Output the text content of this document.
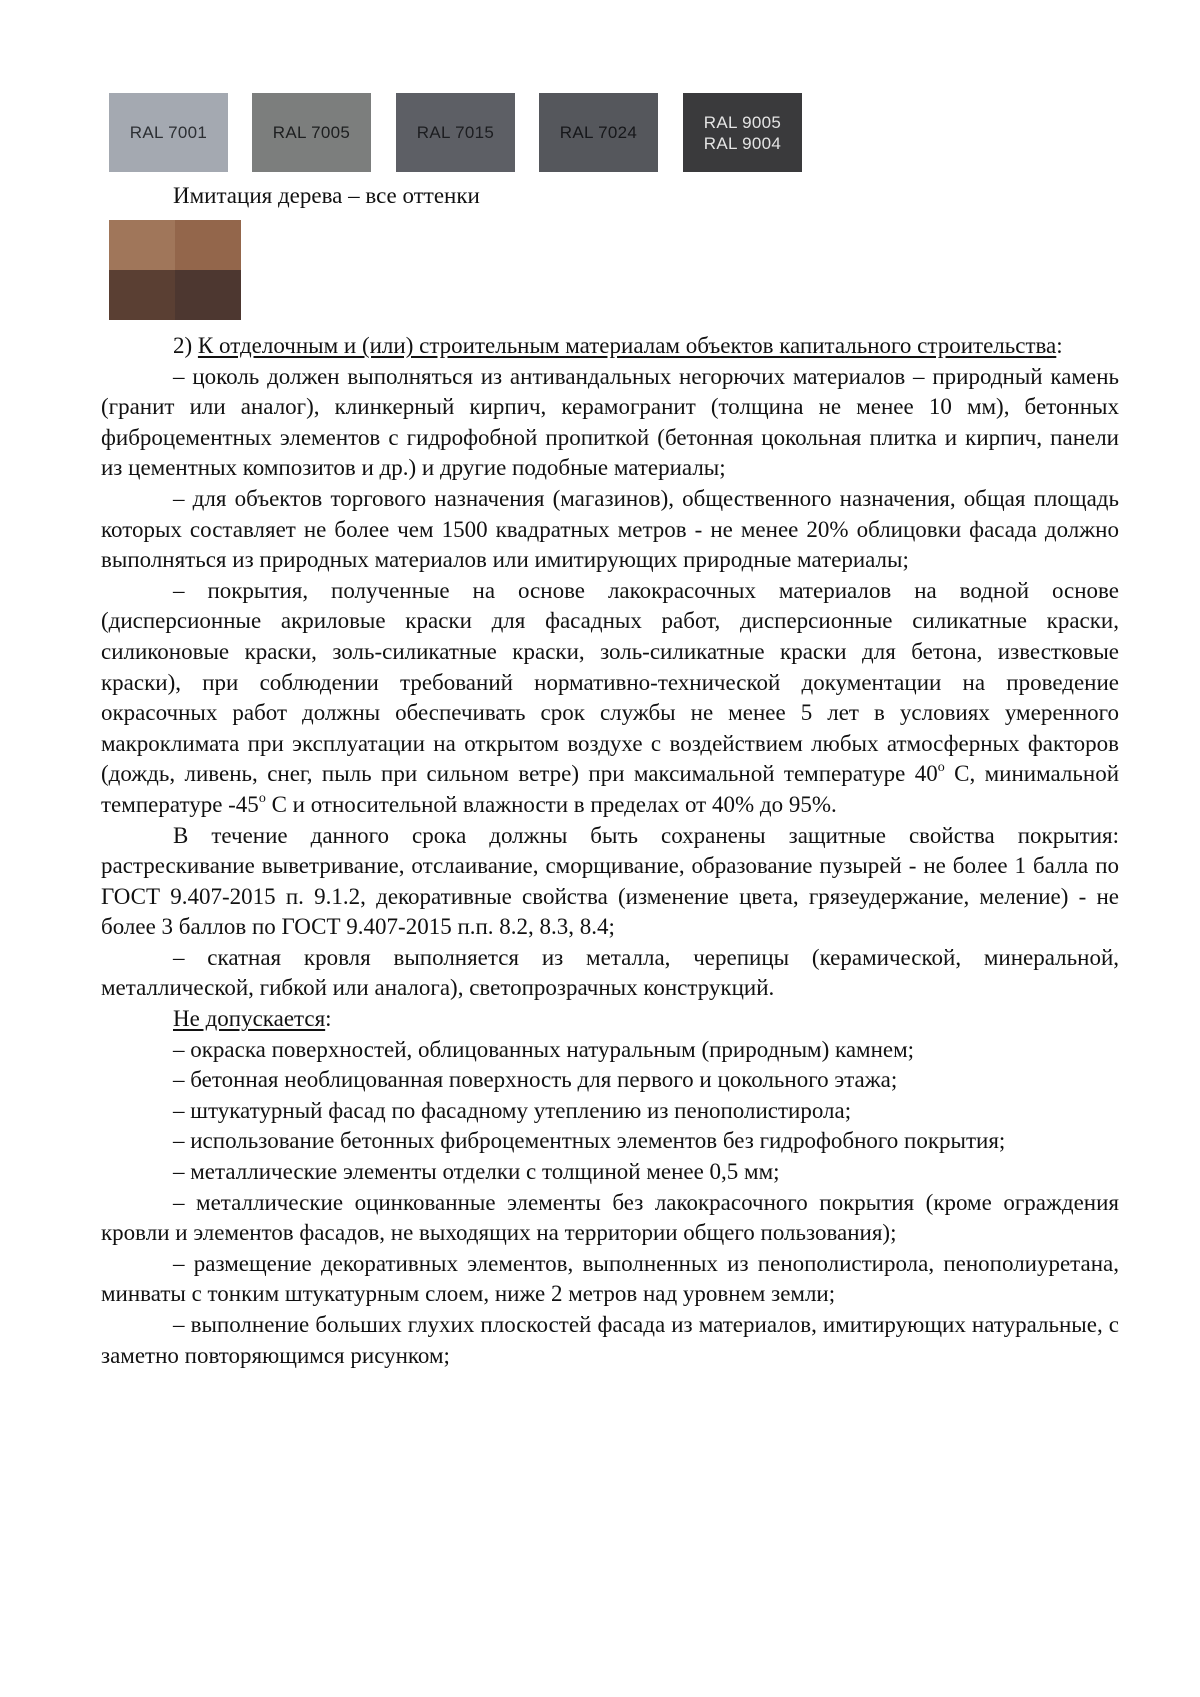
RAL 7001	RAL 7005	RAL 7015	RAL 7024
RAL 9005
RAL 9004
Имитация дерева – все оттенки

2) К отделочным и (или) строительным материалам объектов капитального строительства:

– цоколь должен выполняться из антивандальных негорючих материалов – природный камень (гранит или аналог), клинкерный кирпич, керамогранит (толщина не менее 10 мм), бетонных фиброцементных элементов с гидрофобной пропиткой (бетонная цокольная плитка и кирпич, панели из цементных композитов и др.) и другие подобные материалы;

– для объектов торгового назначения (магазинов), общественного назначения, общая площадь которых составляет не более чем 1500 квадратных метров - не менее 20% облицовки фасада должно выполняться из природных материалов или имитирующих природные материалы;

– покрытия, полученные на основе лакокрасочных материалов на водной основе (дисперсионные акриловые краски для фасадных работ, дисперсионные силикатные краски, силиконовые краски, золь-силикатные краски, золь-силикатные краски для бетона, известковые краски), при соблюдении требований нормативно-технической документации на проведение окрасочных работ должны обеспечивать срок службы не менее 5 лет в условиях умеренного макроклимата при эксплуатации на открытом воздухе с воздействием любых атмосферных факторов (дождь, ливень, снег, пыль при сильном ветре) при максимальной температуре 40$^o$ С, минимальной температуре -45$^o$ С и относительной влажности в пределах от 40% до 95%.

В течение данного срока должны быть сохранены защитные свойства покрытия: растрескивание выветривание, отслаивание, сморщивание, образование пузырей - не более 1 балла по ГОСТ 9.407-2015 п. 9.1.2, декоративные свойства (изменение цвета, грязеудержание, меление) - не более 3 баллов по ГОСТ 9.407-2015 п.п. 8.2, 8.3, 8.4;

– скатная кровля выполняется из металла, черепицы (керамической, минеральной, металлической, гибкой или аналога), светопрозрачных конструкций.

Не допускается:

– окраска поверхностей, облицованных натуральным (природным) камнем;

– бетонная необлицованная поверхность для первого и цокольного этажа;

– штукатурный фасад по фасадному утеплению из пенополистирола;

– использование бетонных фиброцементных элементов без гидрофобного покрытия;

– металлические элементы отделки с толщиной менее 0,5 мм;

– металлические оцинкованные элементы без лакокрасочного покрытия (кроме ограждения кровли и элементов фасадов, не выходящих на территории общего пользования);

– размещение декоративных элементов, выполненных из пенополистирола, пенополиуретана, минваты с тонким штукатурным слоем, ниже 2 метров над уровнем земли;

– выполнение больших глухих плоскостей фасада из материалов, имитирующих натуральные, с заметно повторяющимся рисунком;
